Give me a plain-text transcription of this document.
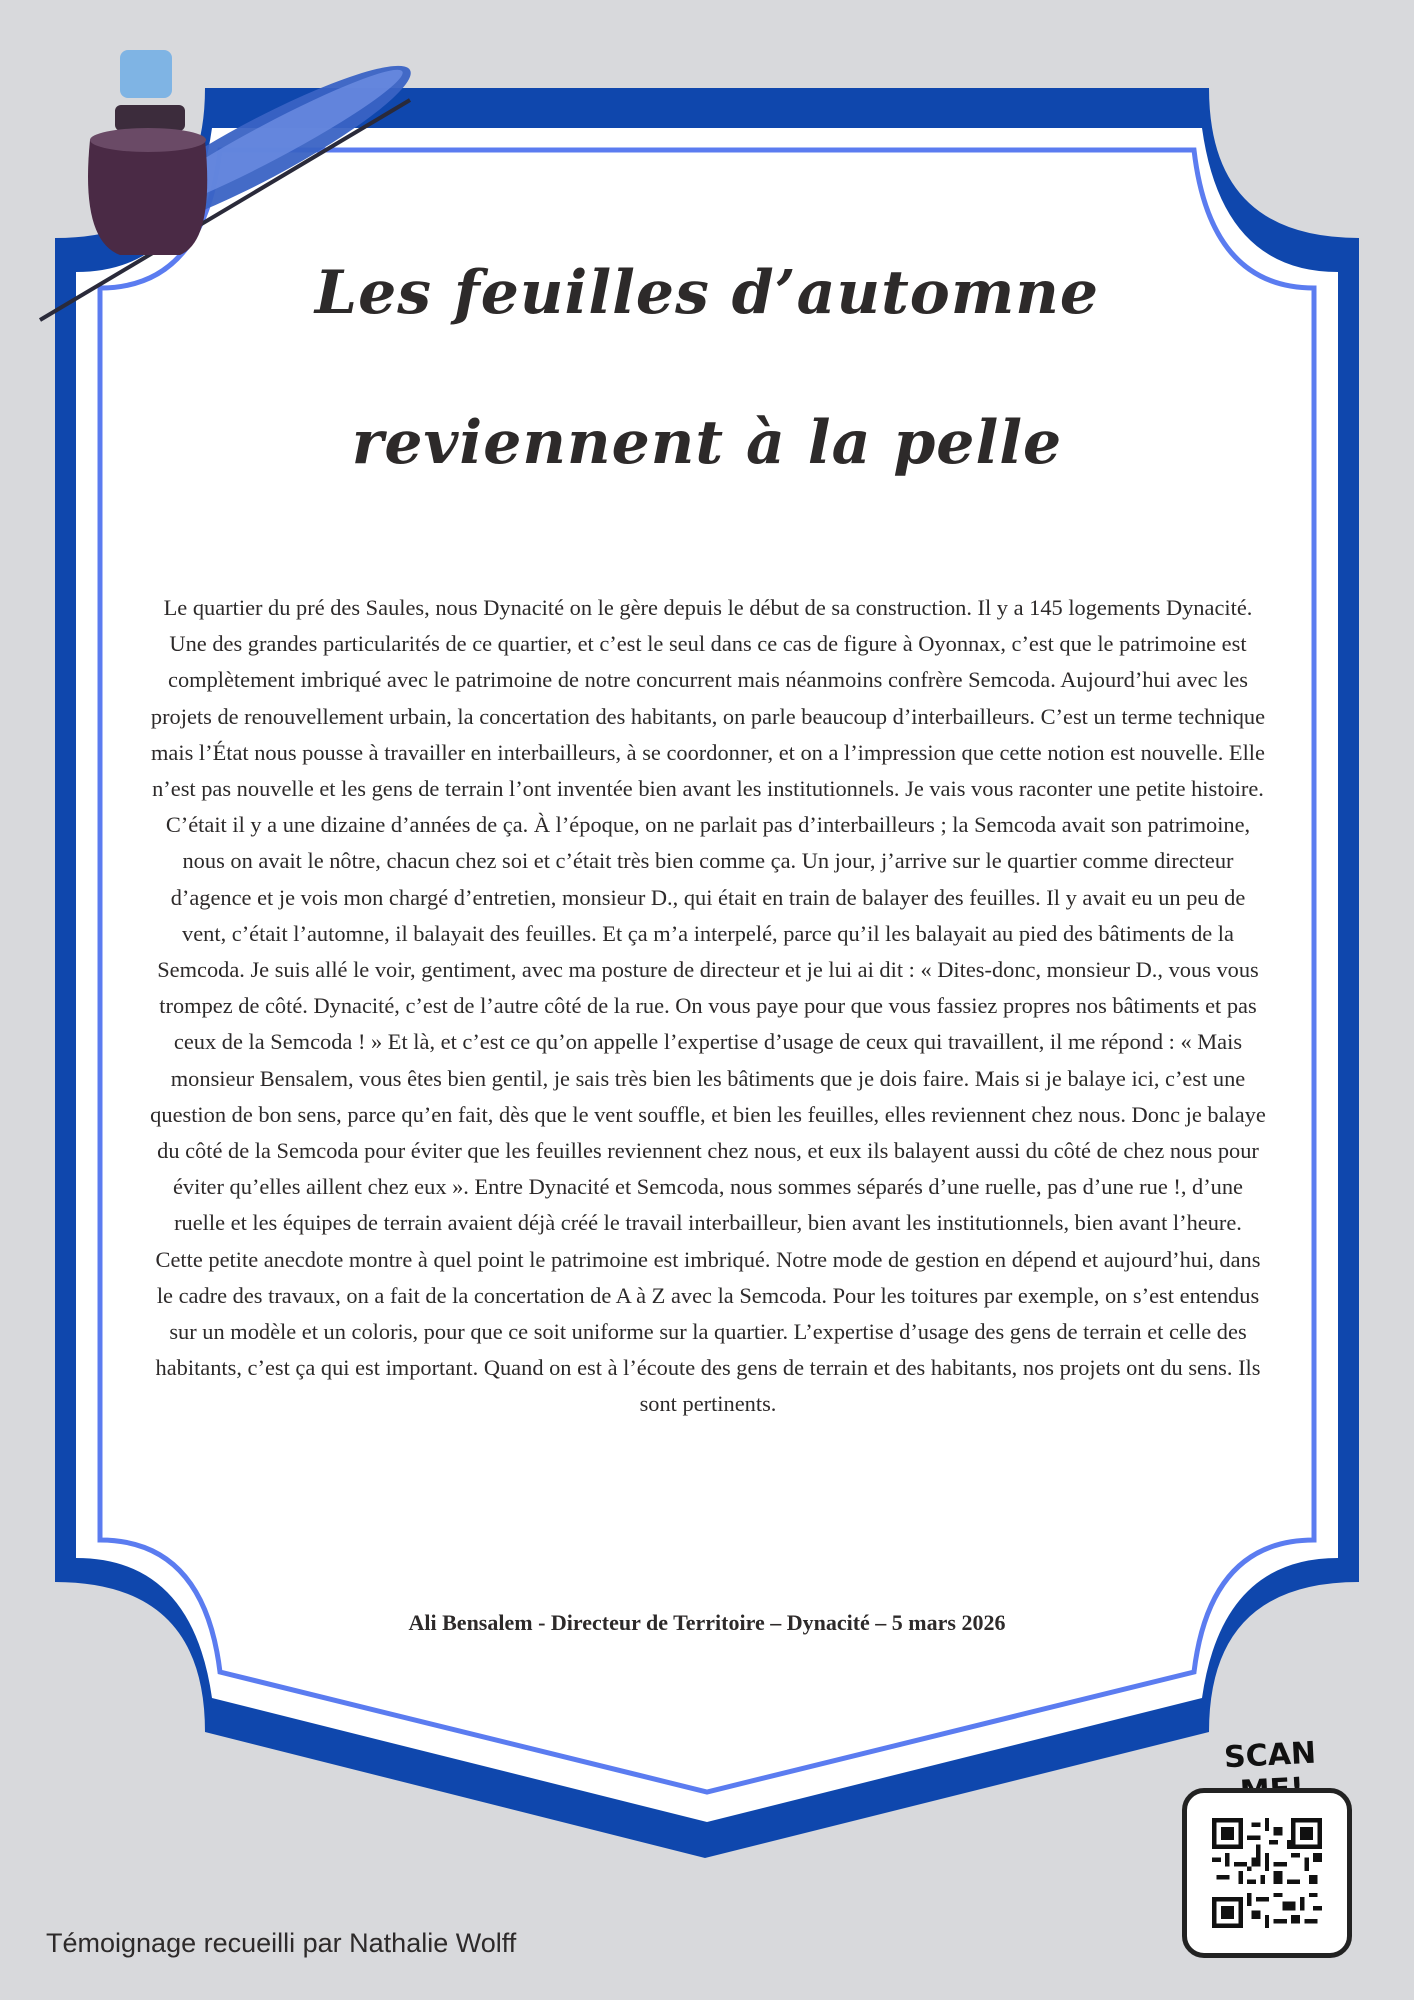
Les feuilles d’automne
reviennent à la pelle

Le quartier du pré des Saules, nous Dynacité on le gère depuis le début de sa construction. Il y a 145 logements Dynacité. Une des grandes particularités de ce quartier, et c’est le seul dans ce cas de figure à Oyonnax, c’est que le patrimoine est complètement imbriqué avec le patrimoine de notre concurrent mais néanmoins confrère Semcoda. Aujourd’hui avec les projets de renouvellement urbain, la concertation des habitants, on parle beaucoup d’interbailleurs. C’est un terme technique mais l’État nous pousse à travailler en interbailleurs, à se coordonner, et on a l’impression que cette notion est nouvelle. Elle n’est pas nouvelle et les gens de terrain l’ont inventée bien avant les institutionnels. Je vais vous raconter une petite histoire. C’était il y a une dizaine d’années de ça. À l’époque, on ne parlait pas d’interbailleurs ; la Semcoda avait son patrimoine, nous on avait le nôtre, chacun chez soi et c’était très bien comme ça. Un jour, j’arrive sur le quartier comme directeur d’agence et je vois mon chargé d’entretien, monsieur D., qui était en train de balayer des feuilles. Il y avait eu un peu de vent, c’était l’automne, il balayait des feuilles. Et ça m’a interpelé, parce qu’il les balayait au pied des bâtiments de la Semcoda. Je suis allé le voir, gentiment, avec ma posture de directeur et je lui ai dit : « Dites-donc, monsieur D., vous vous trompez de côté. Dynacité, c’est de l’autre côté de la rue. On vous paye pour que vous fassiez propres nos bâtiments et pas ceux de la Semcoda ! » Et là, et c’est ce qu’on appelle l’expertise d’usage de ceux qui travaillent, il me répond : « Mais monsieur Bensalem, vous êtes bien gentil, je sais très bien les bâtiments que je dois faire. Mais si je balaye ici, c’est une question de bon sens, parce qu’en fait, dès que le vent souffle, et bien les feuilles, elles reviennent chez nous. Donc je balaye du côté de la Semcoda pour éviter que les feuilles reviennent chez nous, et eux ils balayent aussi du côté de chez nous pour éviter qu’elles aillent chez eux ». Entre Dynacité et Semcoda, nous sommes séparés d’une ruelle, pas d’une rue !, d’une ruelle et les équipes de terrain avaient déjà créé le travail interbailleur, bien avant les institutionnels, bien avant l’heure.

Cette petite anecdote montre à quel point le patrimoine est imbriqué. Notre mode de gestion en dépend et aujourd’hui, dans le cadre des travaux, on a fait de la concertation de A à Z avec la Semcoda. Pour les toitures par exemple, on s’est entendus sur un modèle et un coloris, pour que ce soit uniforme sur la quartier. L’expertise d’usage des gens de terrain et celle des habitants, c’est ça qui est important. Quand on est à l’écoute des gens de terrain et des habitants, nos projets ont du sens. Ils sont pertinents.

Ali Bensalem - Directeur de Territoire – Dynacité – 5 mars 2026
Témoignage recueilli par Nathalie Wolff
SCAN
